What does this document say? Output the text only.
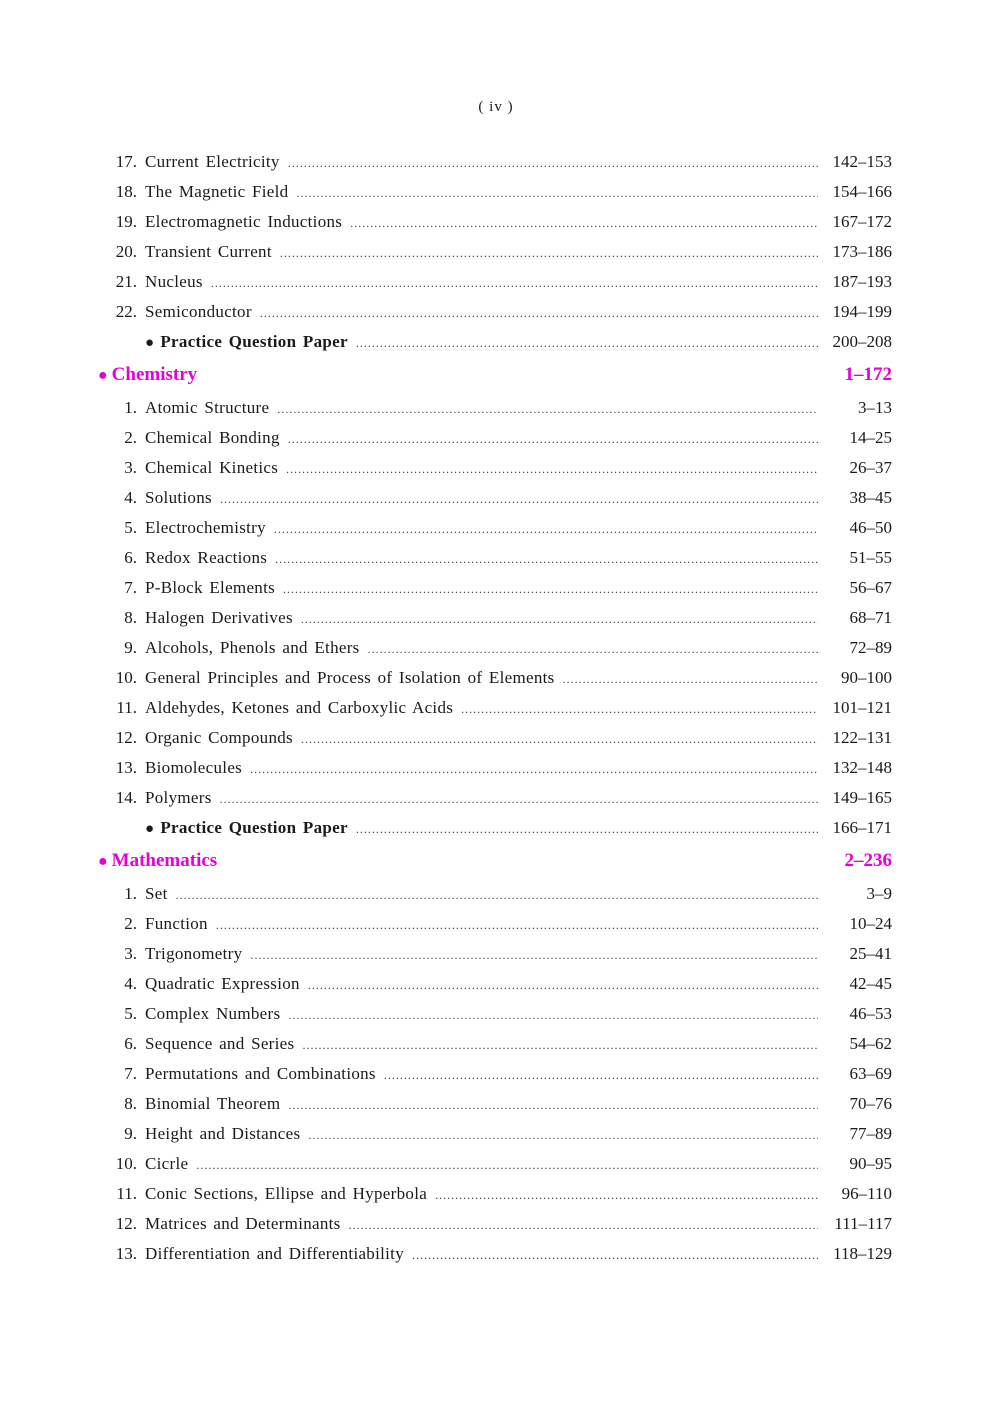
( iv )
17. Current Electricity .....	142–153
18. The Magnetic Field .....	154–166
19. Electromagnetic Inductions .....	167–172
20. Transient Current .....	173–186
21. Nucleus .....	187–193
22. Semiconductor .....	194–199
● Practice Question Paper .....	200–208
● Chemistry	1–172
1. Atomic Structure .....	3–13
2. Chemical Bonding .....	14–25
3. Chemical Kinetics .....	26–37
4. Solutions .....	38–45
5. Electrochemistry .....	46–50
6. Redox Reactions .....	51–55
7. P-Block Elements .....	56–67
8. Halogen Derivatives .....	68–71
9. Alcohols, Phenols and Ethers .....	72–89
10. General Principles and Process of Isolation of Elements .....	90–100
11. Aldehydes, Ketones and Carboxylic Acids .....	101–121
12. Organic Compounds .....	122–131
13. Biomolecules .....	132–148
14. Polymers .....	149–165
● Practice Question Paper .....	166–171
● Mathematics	2–236
1. Set .....	3–9
2. Function .....	10–24
3. Trigonometry .....	25–41
4. Quadratic Expression .....	42–45
5. Complex Numbers .....	46–53
6. Sequence and Series .....	54–62
7. Permutations and Combinations .....	63–69
8. Binomial Theorem .....	70–76
9. Height and Distances .....	77–89
10. Cicrle .....	90–95
11. Conic Sections, Ellipse and Hyperbola .....	96–110
12. Matrices and Determinants .....	111–117
13. Differentiation and Differentiability .....	118–129
